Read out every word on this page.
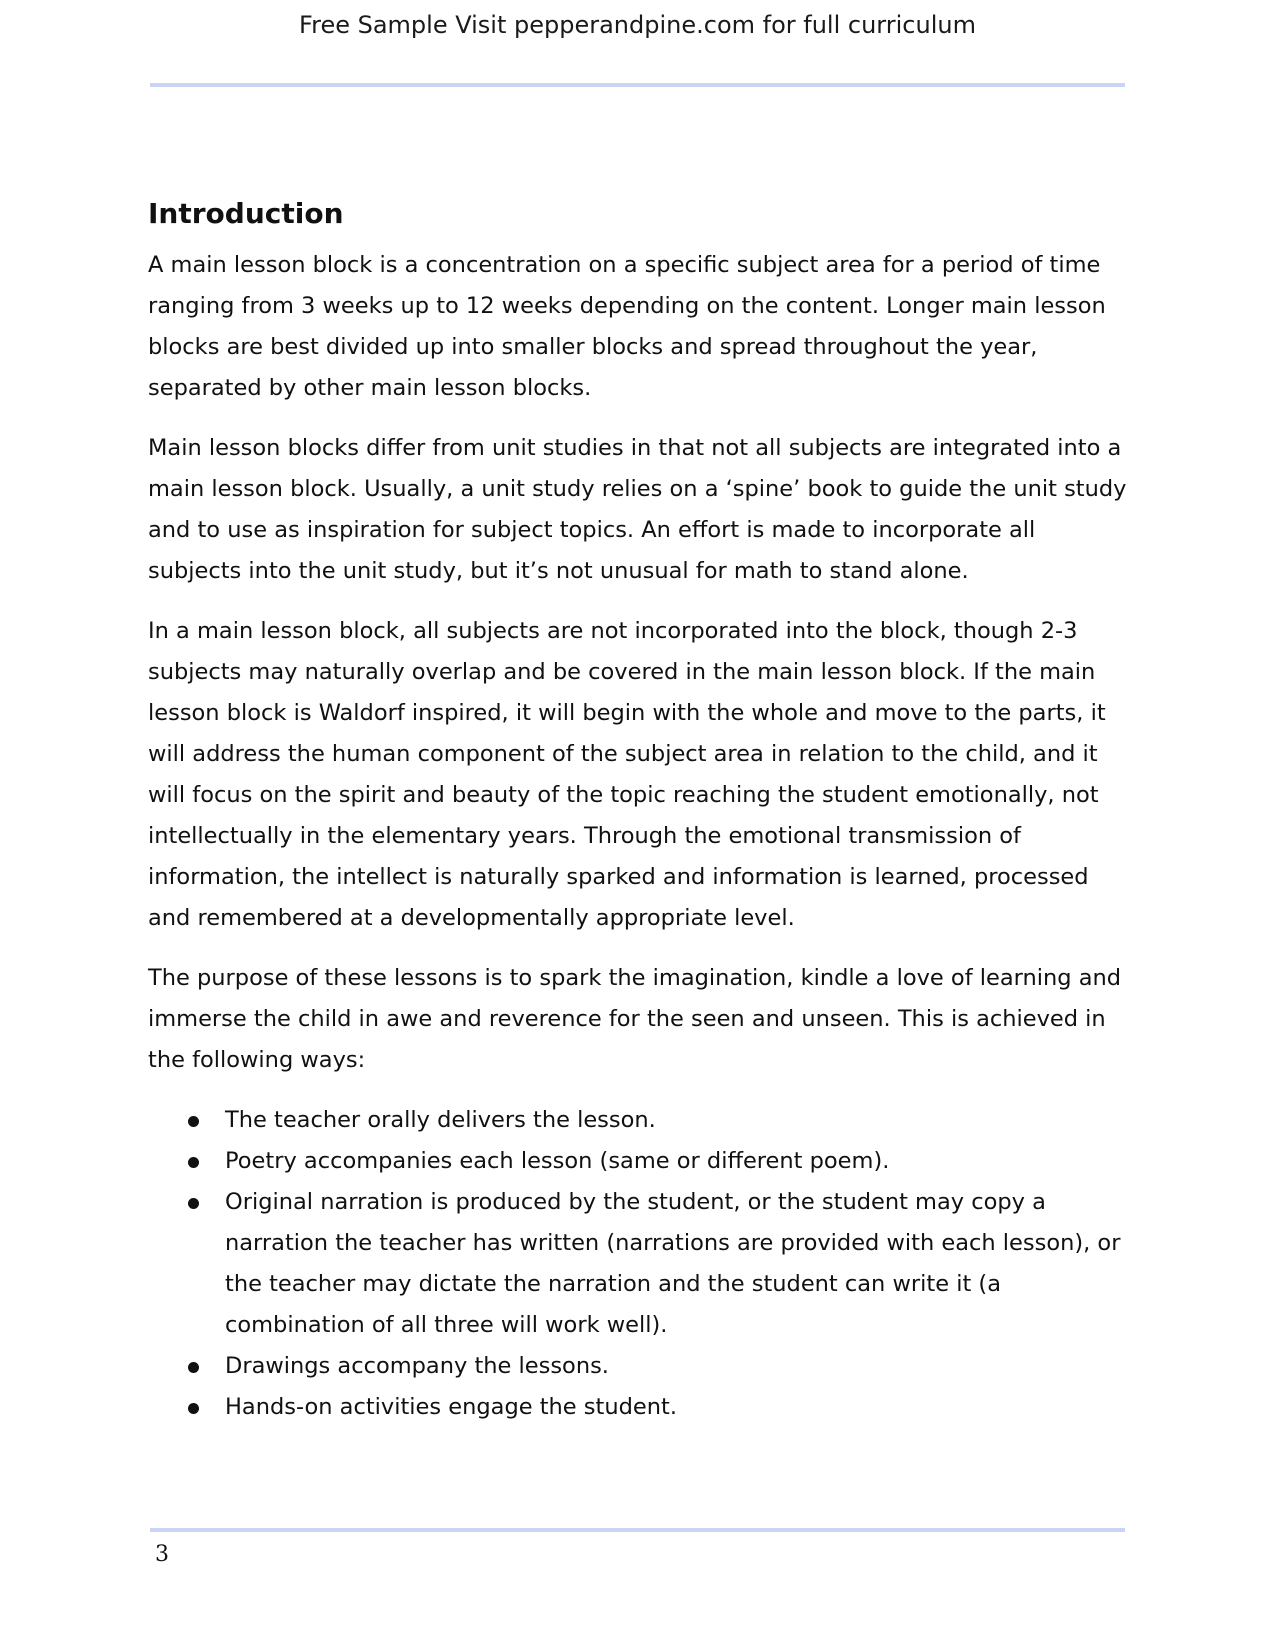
Free Sample Visit pepperandpine.com for full curriculum
Introduction

A main lesson block is a concentration on a specific subject area for a period of time ranging from 3 weeks up to 12 weeks depending on the content. Longer main lesson blocks are best divided up into smaller blocks and spread throughout the year, separated by other main lesson blocks.

Main lesson blocks differ from unit studies in that not all subjects are integrated into a main lesson block. Usually, a unit study relies on a ‘spine’ book to guide the unit study and to use as inspiration for subject topics. An effort is made to incorporate all subjects into the unit study, but it’s not unusual for math to stand alone.

In a main lesson block, all subjects are not incorporated into the block, though 2-3 subjects may naturally overlap and be covered in the main lesson block. If the main lesson block is Waldorf inspired, it will begin with the whole and move to the parts, it will address the human component of the subject area in relation to the child, and it will focus on the spirit and beauty of the topic reaching the student emotionally, not intellectually in the elementary years. Through the emotional transmission of information, the intellect is naturally sparked and information is learned, processed and remembered at a developmentally appropriate level.

The purpose of these lessons is to spark the imagination, kindle a love of learning and immerse the child in awe and reverence for the seen and unseen. This is achieved in the following ways:

The teacher orally delivers the lesson.
Poetry accompanies each lesson (same or different poem).
Original narration is produced by the student, or the student may copy a narration the teacher has written (narrations are provided with each lesson), or the teacher may dictate the narration and the student can write it (a combination of all three will work well).
Drawings accompany the lessons.
Hands-on activities engage the student.
3
